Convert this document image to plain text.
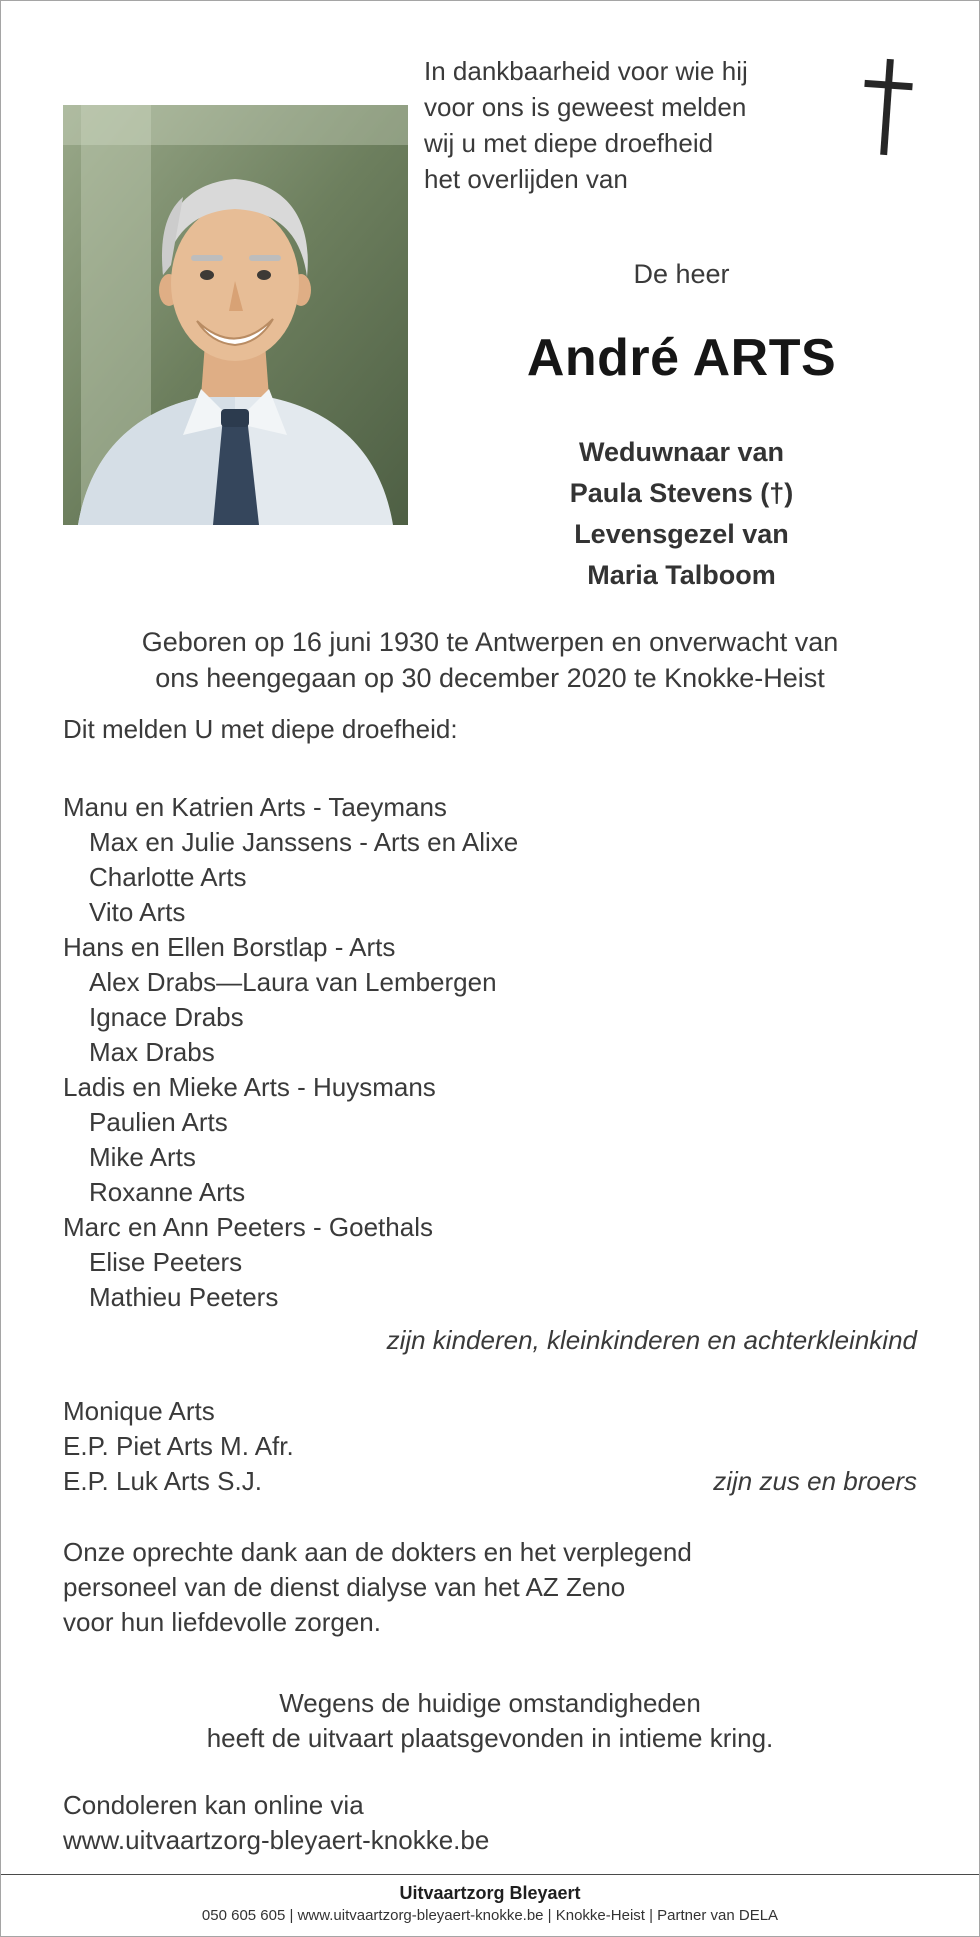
In dankbaarheid voor wie hij
voor ons is geweest melden
wij u met diepe droefheid
het overlijden van

De heer

André ARTS

Weduwnaar van
Paula Stevens (†)
Levensgezel van
Maria Talboom

Geboren op 16 juni 1930 te Antwerpen en onverwacht van
ons heengegaan op 30 december 2020 te Knokke-Heist

Dit melden U met diepe droefheid:

Manu en Katrien Arts - Taeymans
Max en Julie Janssens - Arts en Alixe
Charlotte Arts
Vito Arts
Hans en Ellen Borstlap - Arts
Alex Drabs—Laura van Lembergen
Ignace Drabs
Max Drabs
Ladis en Mieke Arts - Huysmans
Paulien Arts
Mike Arts
Roxanne Arts
Marc en Ann Peeters - Goethals
Elise Peeters
Mathieu Peeters
zijn kinderen, kleinkinderen en achterkleinkind
Monique Arts
E.P. Piet Arts M. Afr.
E.P. Luk Arts S.J.	zijn zus en broers
Onze oprechte dank aan de dokters en het verplegend
personeel van de dienst dialyse van het AZ Zeno
voor hun liefdevolle zorgen.
Wegens de huidige omstandigheden
heeft de uitvaart plaatsgevonden in intieme kring.
Condoleren kan online via
www.uitvaartzorg-bleyaert-knokke.be
Uitvaartzorg Bleyaert
050 605 605 | www.uitvaartzorg-bleyaert-knokke.be | Knokke-Heist | Partner van DELA
